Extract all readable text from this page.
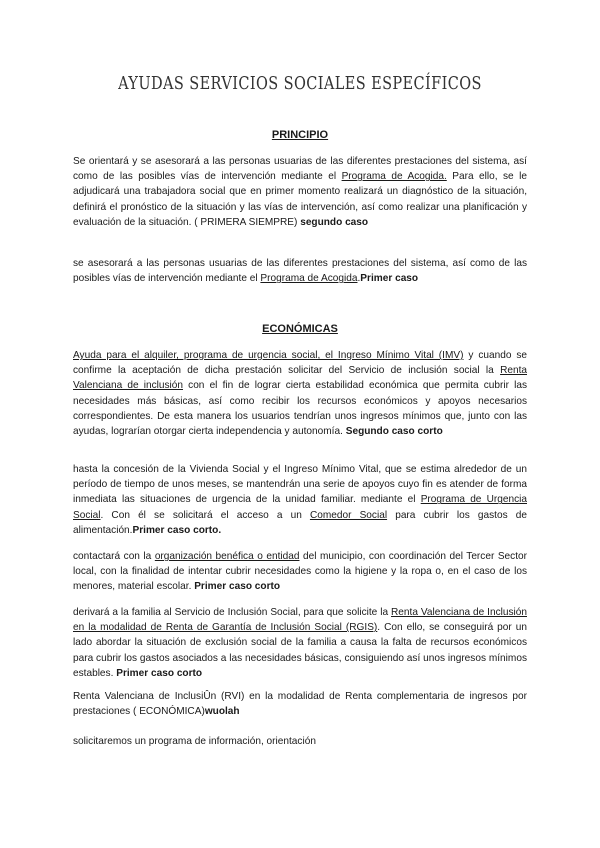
AYUDAS SERVICIOS SOCIALES ESPECÍFICOS
PRINCIPIO

Se orientará y se asesorará a las personas usuarias de las diferentes prestaciones del sistema, así como de las posibles vías de intervención mediante el Programa de Acogida. Para ello, se le adjudicará una trabajadora social que en primer momento realizará un diagnóstico de la situación, definirá el pronóstico de la situación y las vías de intervención, así como realizar una planificación y evaluación de la situación. ( PRIMERA SIEMPRE) segundo caso

se asesorará a las personas usuarias de las diferentes prestaciones del sistema, así como de las posibles vías de intervención mediante el Programa de Acogida.Primer caso

ECONÓMICAS

Ayuda para el alquiler, programa de urgencia social, el Ingreso Mínimo Vital (IMV) y cuando se confirme la aceptación de dicha prestación solicitar del Servicio de inclusión social la Renta Valenciana de inclusión con el fin de lograr cierta estabilidad económica que permita cubrir las necesidades más básicas, así como recibir los recursos económicos y apoyos necesarios correspondientes. De esta manera los usuarios tendrían unos ingresos mínimos que, junto con las ayudas, lograrían otorgar cierta independencia y autonomía. Segundo caso corto

hasta la concesión de la Vivienda Social y el Ingreso Mínimo Vital, que se estima alrededor de un período de tiempo de unos meses, se mantendrán una serie de apoyos cuyo fin es atender de forma inmediata las situaciones de urgencia de la unidad familiar. mediante el Programa de Urgencia Social. Con él se solicitará el acceso a un Comedor Social para cubrir los gastos de alimentación.Primer caso corto.

contactará con la organización benéfica o entidad del municipio, con coordinación del Tercer Sector local, con la finalidad de intentar cubrir necesidades como la higiene y la ropa o, en el caso de los menores, material escolar. Primer caso corto

derivará a la familia al Servicio de Inclusión Social, para que solicite la Renta Valenciana de Inclusión en la modalidad de Renta de Garantía de Inclusión Social (RGIS). Con ello, se conseguirá por un lado abordar la situación de exclusión social de la familia a causa la falta de recursos económicos para cubrir los gastos asociados a las necesidades básicas, consiguiendo así unos ingresos mínimos estables. Primer caso corto

Renta Valenciana de InclusiÛn (RVI) en la modalidad de Renta complementaria de ingresos por prestaciones ( ECONÓMICA)wuolah

solicitaremos un programa de información, orientación
